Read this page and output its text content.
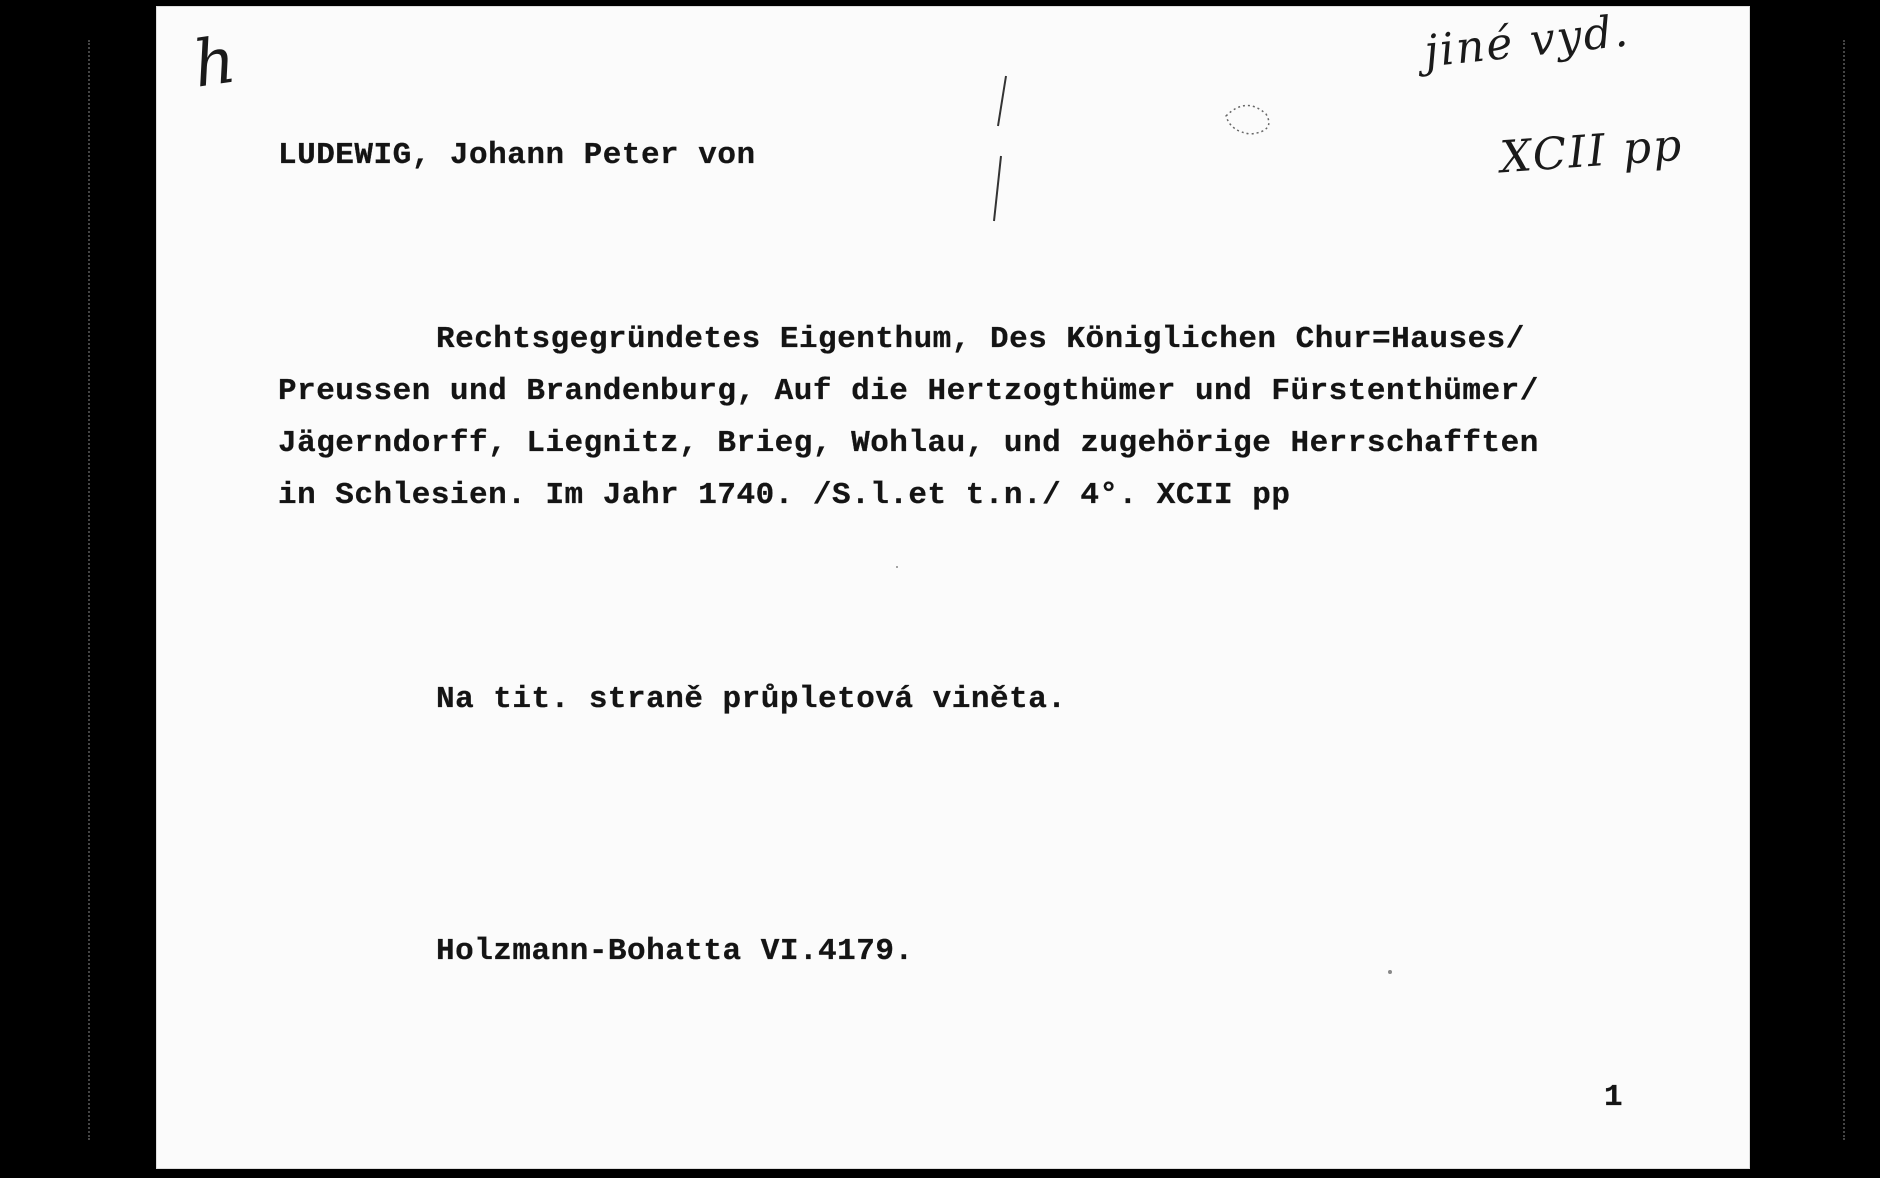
h	jiné vyd.
XCII pp
LUDEWIG, Johann Peter von
Rechtsgegründetes Eigenthum, Des Königlichen Chur=Hauses/
Preussen und Brandenburg, Auf die Hertzogthümer und Fürstenthümer/
Jägerndorff, Liegnitz, Brieg, Wohlau, und zugehörige Herrschafften
in Schlesien. Im Jahr 1740. /S.l.et t.n./ 4°. XCII pp
Na tit. straně průpletová viněta.
Holzmann-Bohatta VI.4179.
1
